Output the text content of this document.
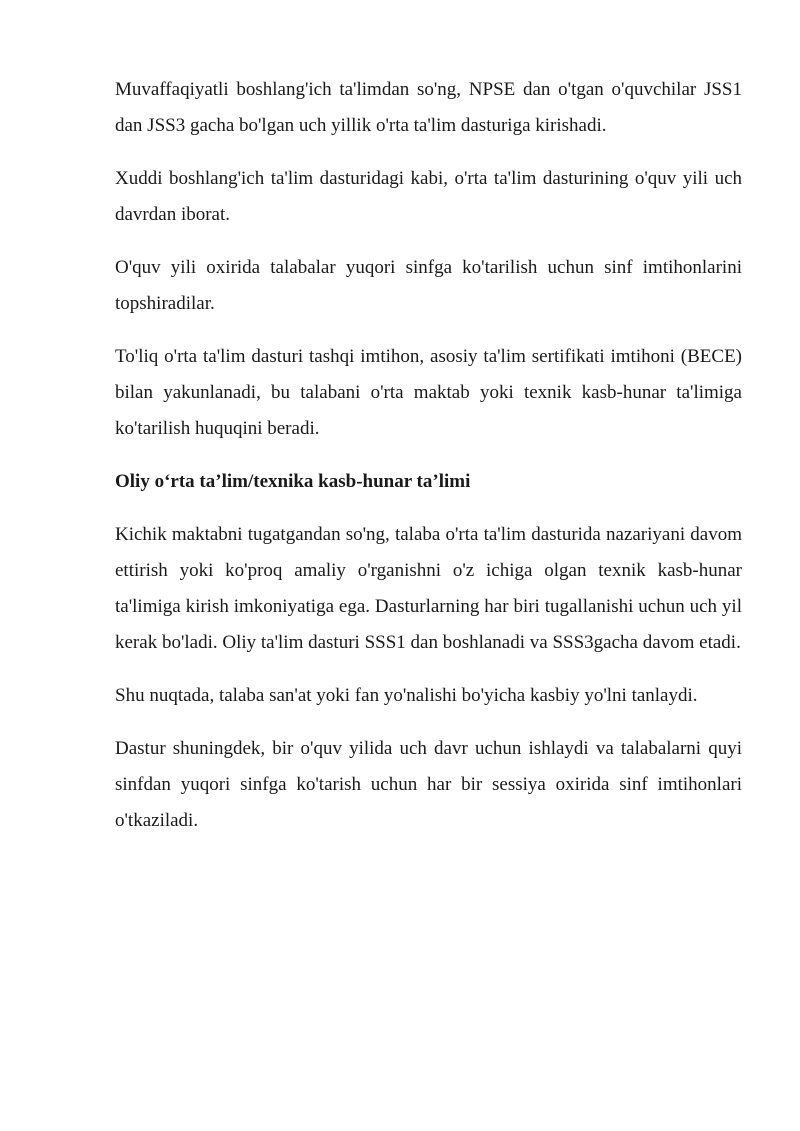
Muvaffaqiyatli boshlang'ich ta'limdan so'ng, NPSE dan o'tgan o'quvchilar JSS1 dan JSS3 gacha bo'lgan uch yillik o'rta ta'lim dasturiga kirishadi.

Xuddi boshlang'ich ta'lim dasturidagi kabi, o'rta ta'lim dasturining o'quv yili uch davrdan iborat.

O'quv yili oxirida talabalar yuqori sinfga ko'tarilish uchun sinf imtihonlarini topshiradilar.

To'liq o'rta ta'lim dasturi tashqi imtihon, asosiy ta'lim sertifikati imtihoni (BECE) bilan yakunlanadi, bu talabani o'rta maktab yoki texnik kasb-hunar ta'limiga ko'tarilish huquqini beradi.

Oliy o‘rta ta’lim/texnika kasb-hunar ta’limi

Kichik maktabni tugatgandan so'ng, talaba o'rta ta'lim dasturida nazariyani davom ettirish yoki ko'proq amaliy o'rganishni o'z ichiga olgan texnik kasb-hunar ta'limiga kirish imkoniyatiga ega. Dasturlarning har biri tugallanishi uchun uch yil kerak bo'ladi. Oliy ta'lim dasturi SSS1 dan boshlanadi va SSS3gacha davom etadi.

Shu nuqtada, talaba san'at yoki fan yo'nalishi bo'yicha kasbiy yo'lni tanlaydi.

Dastur shuningdek, bir o'quv yilida uch davr uchun ishlaydi va talabalarni quyi sinfdan yuqori sinfga ko'tarish uchun har bir sessiya oxirida sinf imtihonlari o'tkaziladi.
